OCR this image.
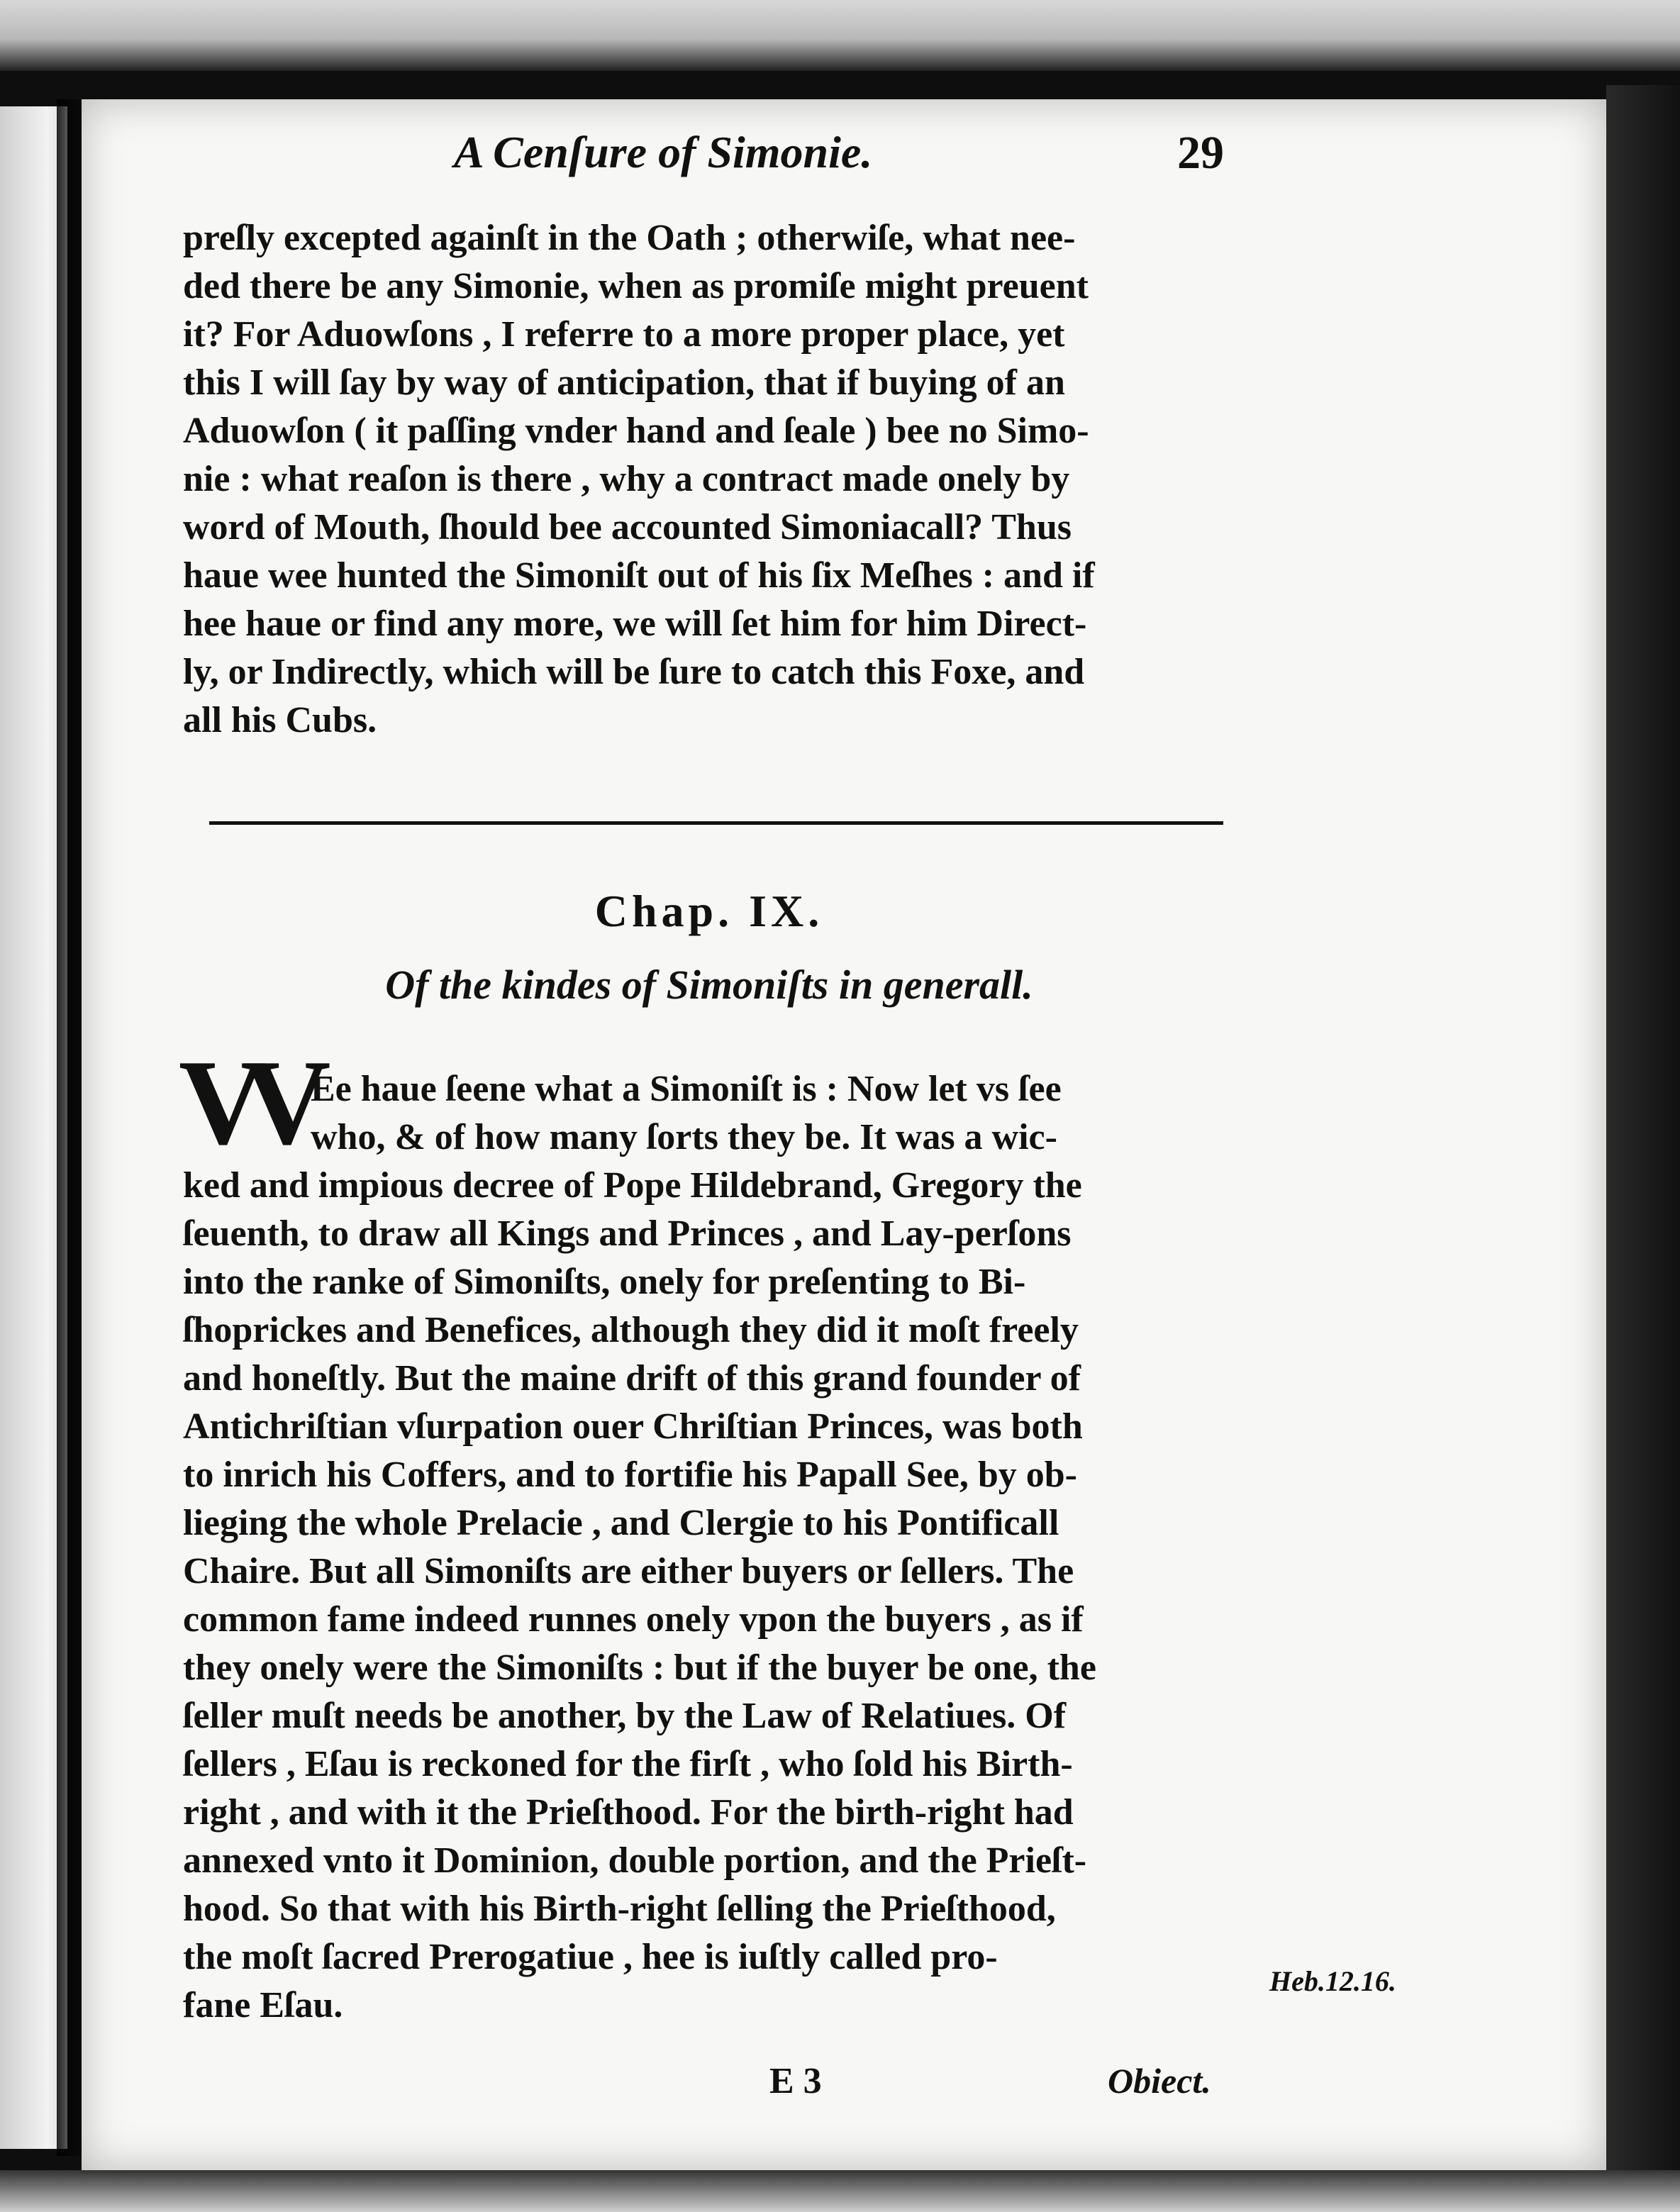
A Cenſure of Simonie.	29
preſly excepted againſt in the Oath ; otherwiſe, what nee-
ded there be any Simonie, when as promiſe might preuent
it? For Aduowſons , I referre to a more proper place, yet
this I will ſay by way of anticipation, that if buying of an
Aduowſon ( it paſſing vnder hand and ſeale ) bee no Simo-
nie : what reaſon is there , why a contract made onely by
word of Mouth, ſhould bee accounted Simoniacall? Thus
haue wee hunted the Simoniſt out of his ſix Meſhes : and if
hee haue or find any more, we will ſet him for him Direct-
ly, or Indirectly, which will be ſure to catch this Foxe, and
all his Cubs.
Chap. IX.
Of the kindes of Simoniſts in generall.
VV Ee haue ſeene what a Simoniſt is : Now let vs ſee
who, & of how many ſorts they be. It was a wic-
ked and impious decree of Pope Hildebrand, Gregory the
ſeuenth, to draw all Kings and Princes , and Lay-perſons
into the ranke of Simoniſts, onely for preſenting to Bi-
ſhoprickes and Benefices, although they did it moſt freely
and honeſtly. But the maine drift of this grand founder of
Antichriſtian vſurpation ouer Chriſtian Princes, was both
to inrich his Coffers, and to fortifie his Papall See, by ob-
lieging the whole Prelacie , and Clergie to his Pontificall
Chaire. But all Simoniſts are either buyers or ſellers. The
common fame indeed runnes onely vpon the buyers , as if
they onely were the Simoniſts : but if the buyer be one, the
ſeller muſt needs be another, by the Law of Relatiues. Of
ſellers , Eſau is reckoned for the firſt , who ſold his Birth-
right , and with it the Prieſthood. For the birth-right had
annexed vnto it Dominion, double portion, and the Prieſt-
hood. So that with his Birth-right ſelling the Prieſthood,
the moſt ſacred Prerogatiue , hee is iuſtly called pro-
fane Eſau.
Heb.12.16.
E 3	Obiect.
